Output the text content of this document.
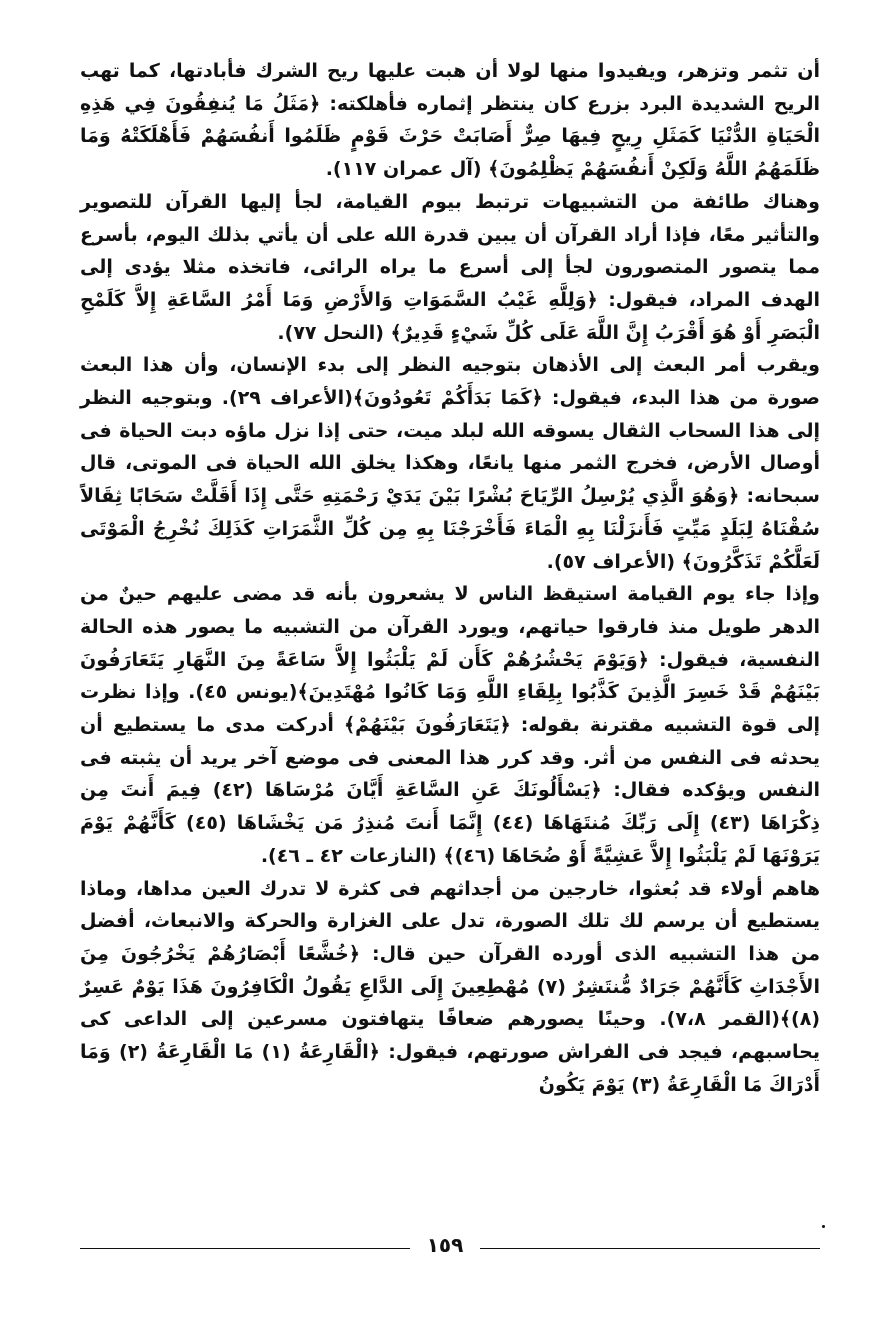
أن تثمر وتزهر، ويفيدوا منها لولا أن هبت عليها ريح الشرك فأبادتها، كما تهب الريح الشديدة البرد بزرع كان ينتظر إثماره فأهلكته: ﴿مَثَلُ مَا يُنفِقُونَ فِي هَذِهِ الْحَيَاةِ الدُّنْيَا كَمَثَلِ رِيحٍ فِيهَا صِرٌّ أَصَابَتْ حَرْثَ قَوْمٍ ظَلَمُوا أَنفُسَهُمْ فَأَهْلَكَتْهُ وَمَا ظَلَمَهُمُ اللَّهُ وَلَكِنْ أَنفُسَهُمْ يَظْلِمُونَ﴾ (آل عمران ١١٧).

وهناك طائفة من التشبيهات ترتبط بيوم القيامة، لجأ إليها القرآن للتصوير والتأثير معًا، فإذا أراد القرآن أن يبين قدرة الله على أن يأتي بذلك اليوم، بأسرع مما يتصور المتصورون لجأ إلى أسرع ما يراه الرائى، فاتخذه مثلا يؤدى إلى الهدف المراد، فيقول: ﴿وَلِلَّهِ غَيْبُ السَّمَوَاتِ وَالأَرْضِ وَمَا أَمْرُ السَّاعَةِ إِلاَّ كَلَمْحِ الْبَصَرِ أَوْ هُوَ أَقْرَبُ إِنَّ اللَّهَ عَلَى كُلِّ شَيْءٍ قَدِيرٌ﴾ (النحل ٧٧).

ويقرب أمر البعث إلى الأذهان بتوجيه النظر إلى بدء الإنسان، وأن هذا البعث صورة من هذا البدء، فيقول: ﴿كَمَا بَدَأَكُمْ تَعُودُونَ﴾(الأعراف ٢٩). وبتوجيه النظر إلى هذا السحاب الثقال يسوقه الله لبلد ميت، حتى إذا نزل ماؤه دبت الحياة فى أوصال الأرض، فخرج الثمر منها يانعًا، وهكذا يخلق الله الحياة فى الموتى، قال سبحانه: ﴿وَهُوَ الَّذِي يُرْسِلُ الرِّيَاحَ بُشْرًا بَيْنَ يَدَيْ رَحْمَتِهِ حَتَّى إِذَا أَقَلَّتْ سَحَابًا ثِقَالاً سُقْنَاهُ لِبَلَدٍ مَيِّتٍ فَأَنزَلْنَا بِهِ الْمَاءَ فَأَخْرَجْنَا بِهِ مِن كُلِّ الثَّمَرَاتِ كَذَلِكَ نُخْرِجُ الْمَوْتَى لَعَلَّكُمْ تَذَكَّرُونَ﴾ (الأعراف ٥٧).

وإذا جاء يوم القيامة استيقظ الناس لا يشعرون بأنه قد مضى عليهم حينٌ من الدهر طويل منذ فارقوا حياتهم، ويورد القرآن من التشبيه ما يصور هذه الحالة النفسية، فيقول: ﴿وَيَوْمَ يَحْشُرُهُمْ كَأَن لَمْ يَلْبَثُوا إِلاَّ سَاعَةً مِنَ النَّهَارِ يَتَعَارَفُونَ بَيْنَهُمْ قَدْ خَسِرَ الَّذِينَ كَذَّبُوا بِلِقَاءِ اللَّهِ وَمَا كَانُوا مُهْتَدِينَ﴾(يونس ٤٥). وإذا نظرت إلى قوة التشبيه مقترنة بقوله: ﴿يَتَعَارَفُونَ بَيْنَهُمْ﴾ أدركت مدى ما يستطيع أن يحدثه فى النفس من أثر. وقد كرر هذا المعنى فى موضع آخر يريد أن يثبته فى النفس ويؤكده فقال: ﴿يَسْأَلُونَكَ عَنِ السَّاعَةِ أَيَّانَ مُرْسَاهَا (٤٢) فِيمَ أَنتَ مِن ذِكْرَاهَا (٤٣) إِلَى رَبِّكَ مُنتَهَاهَا (٤٤) إِنَّمَا أَنتَ مُنذِرُ مَن يَخْشَاهَا (٤٥) كَأَنَّهُمْ يَوْمَ يَرَوْنَهَا لَمْ يَلْبَثُوا إِلاَّ عَشِيَّةً أَوْ ضُحَاهَا (٤٦)﴾ (النازعات ٤٢ ـ ٤٦).

هاهم أولاء قد بُعثوا، خارجين من أجداثهم فى كثرة لا تدرك العين مداها، وماذا يستطيع أن يرسم لك تلك الصورة، تدل على الغزارة والحركة والانبعاث، أفضل من هذا التشبيه الذى أورده القرآن حين قال: ﴿خُشَّعًا أَبْصَارُهُمْ يَخْرُجُونَ مِنَ الأَجْدَاثِ كَأَنَّهُمْ جَرَادٌ مُّنتَشِرٌ (٧) مُهْطِعِينَ إِلَى الدَّاعِ يَقُولُ الْكَافِرُونَ هَذَا يَوْمٌ عَسِرٌ (٨)﴾(القمر ٧،٨). وحينًا يصورهم ضعافًا يتهافتون مسرعين إلى الداعى كى يحاسبهم، فيجد فى الفراش صورتهم، فيقول: ﴿الْقَارِعَةُ (١) مَا الْقَارِعَةُ (٢) وَمَا أَدْرَاكَ مَا الْقَارِعَةُ (٣) يَوْمَ يَكُونُ

١٥٩
